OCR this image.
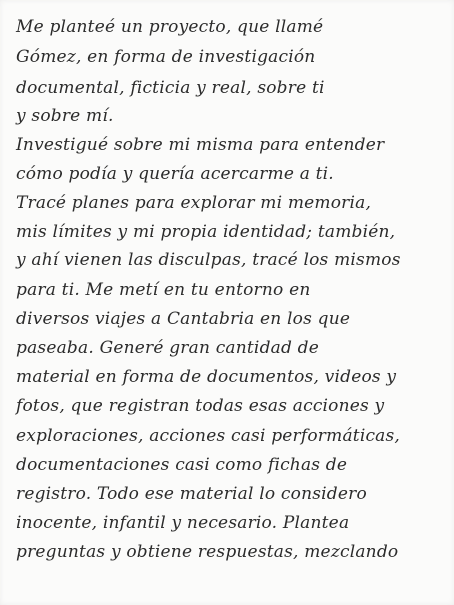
Me planteé un proyecto, que llamé

Gómez, en forma de investigación

documental, ficticia y real, sobre ti

y sobre mí.

Investigué sobre mi misma para entender

cómo podía y quería acercarme a ti.

Tracé planes para explorar mi memoria,

mis límites y mi propia identidad; también,

y ahí vienen las disculpas, tracé los mismos

para ti. Me metí en tu entorno en

diversos viajes a Cantabria en los que

paseaba. Generé gran cantidad de

material en forma de documentos, videos y

fotos, que registran todas esas acciones y

exploraciones, acciones casi performáticas,

documentaciones casi como fichas de

registro. Todo ese material lo considero

inocente, infantil y necesario. Plantea

preguntas y obtiene respuestas, mezclando
